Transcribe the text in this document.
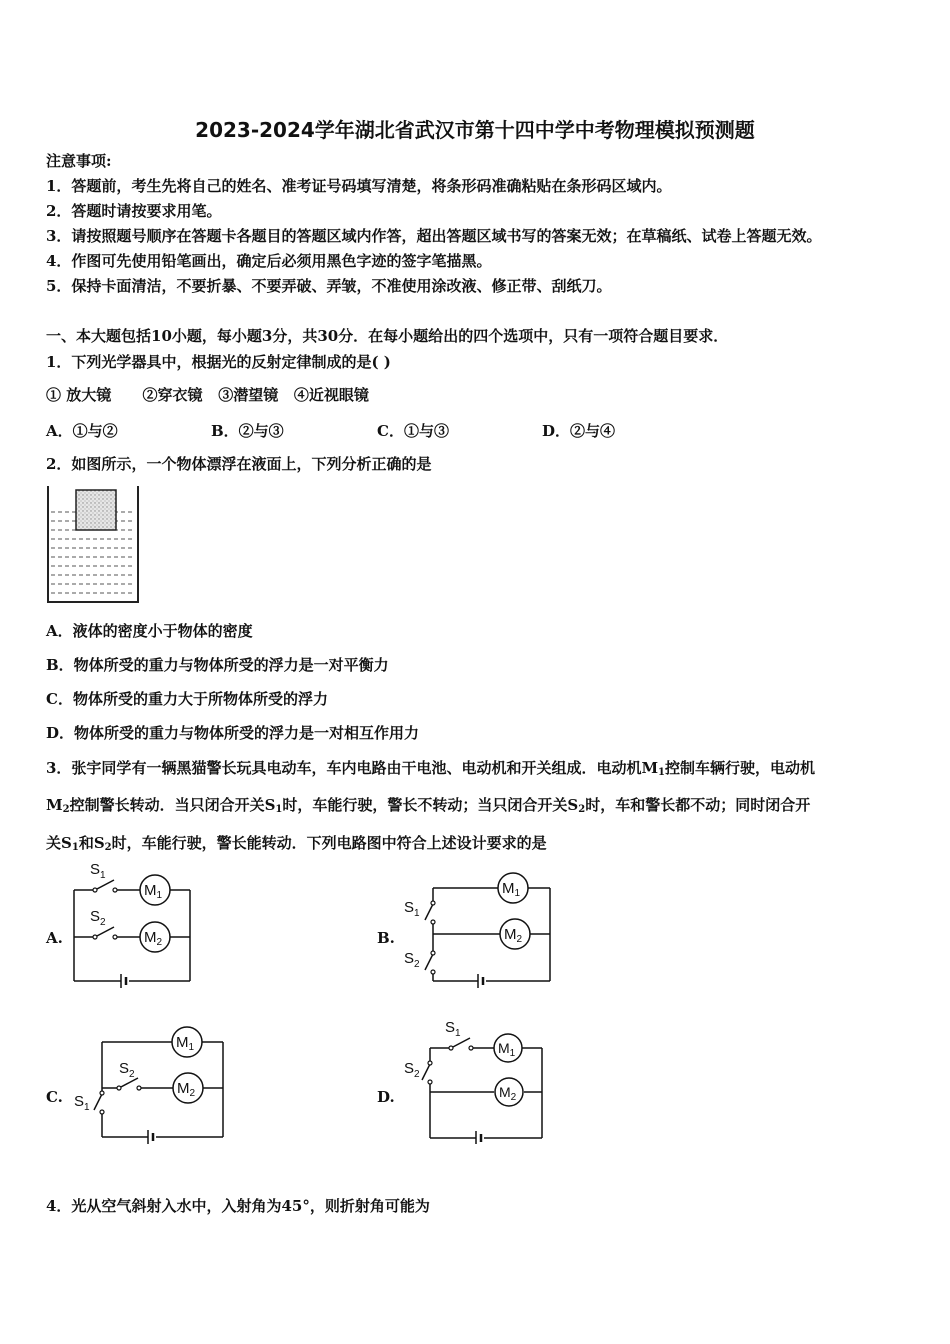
2023-2024学年湖北省武汉市第十四中学中考物理模拟预测题
注意事项:
1．答题前，考生先将自己的姓名、准考证号码填写清楚，将条形码准确粘贴在条形码区域内。
2．答题时请按要求用笔。
3．请按照题号顺序在答题卡各题目的答题区域内作答，超出答题区域书写的答案无效；在草稿纸、试卷上答题无效。
4．作图可先使用铅笔画出，确定后必须用黑色字迹的签字笔描黑。
5．保持卡面清洁，不要折暴、不要弄破、弄皱，不准使用涂改液、修正带、刮纸刀。
一、本大题包括10小题，每小题3分，共30分．在每小题给出的四个选项中，只有一项符合题目要求．
1．下列光学器具中，根据光的反射定律制成的是( )
① 放大镜      ②穿衣镜   ③潜望镜   ④近视眼镜
A．①与②	B．②与③	C．①与③	D．②与④
2．如图所示，一个物体漂浮在液面上，下列分析正确的是
A．液体的密度小于物体的密度
B．物体所受的重力与物体所受的浮力是一对平衡力
C．物体所受的重力大于所物体所受的浮力
D．物体所受的重力与物体所受的浮力是一对相互作用力
3．张宇同学有一辆黑猫警长玩具电动车，车内电路由干电池、电动机和开关组成．电动机$M_1$控制车辆行驶，电动机
$M_2$控制警长转动．当只闭合开关$S_1$时，车能行驶，警长不转动；当只闭合开关$S_2$时，车和警长都不动；同时闭合开
关$S_1$和$S_2$时，车能行驶，警长能转动．下列电路图中符合上述设计要求的是
A.	B.
C.	D.
$S_1$
$S_2$
$M_1$
$M_2$
$S_1$
$S_2$
$M_1$
$M_2$
$S_2$
$S_1$
$M_1$
$M_2$
$S_1$
$S_2$
$M_1$
$M_2$
4．光从空气斜射入水中，入射角为45°，则折射角可能为
